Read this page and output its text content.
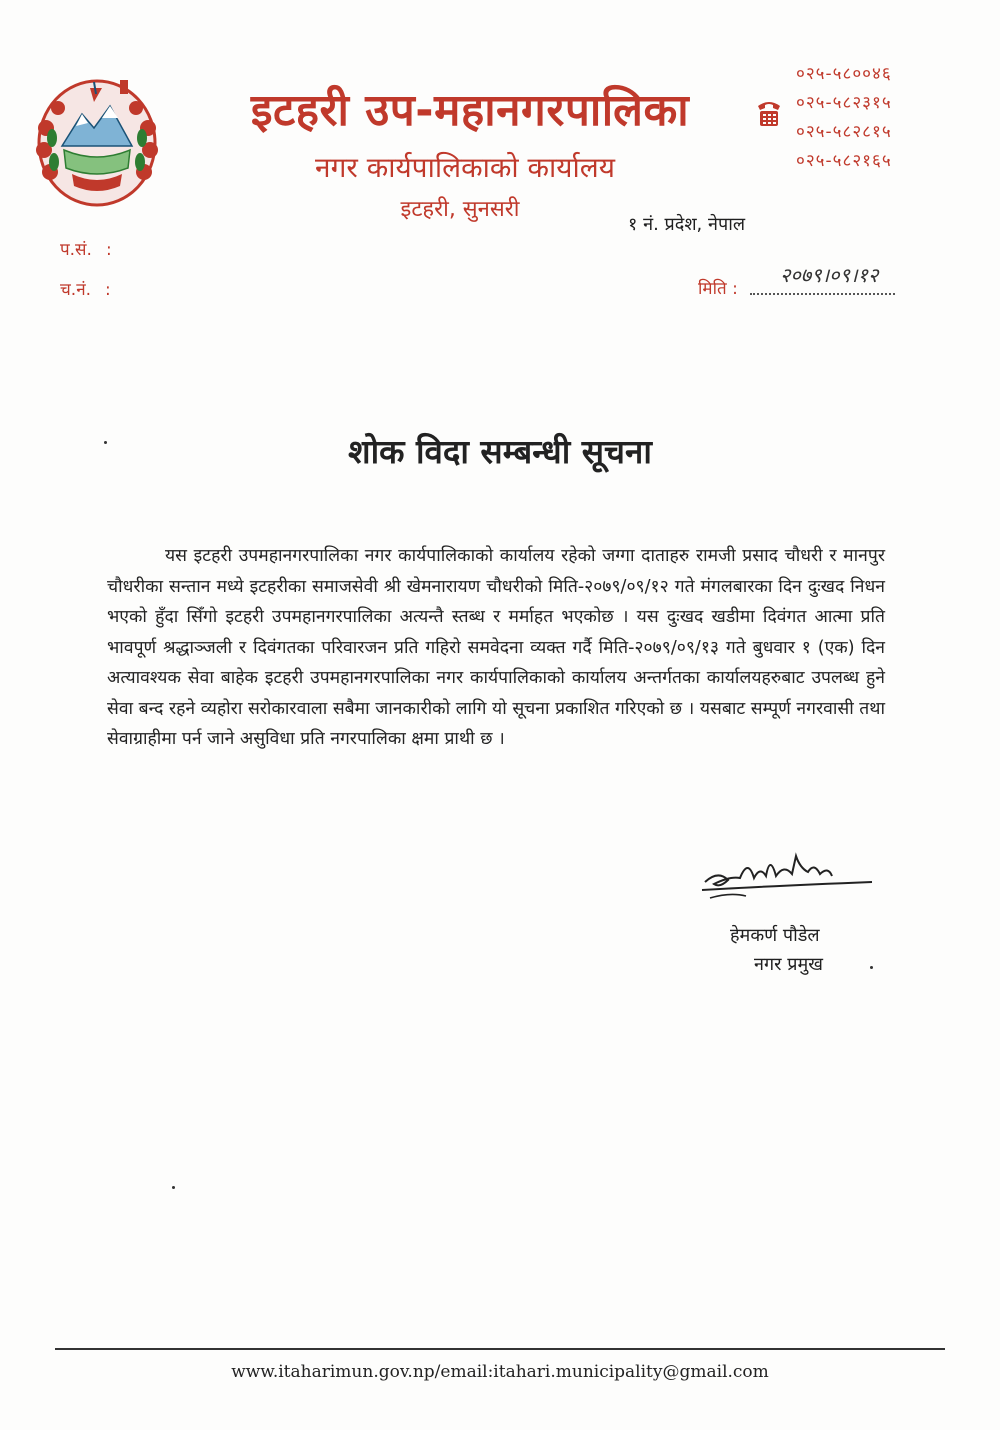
इटहरी उप-महानगरपालिका
नगर कार्यपालिकाको कार्यालय
इटहरी, सुनसरी
१ नं. प्रदेश, नेपाल
०२५-५८००४६
०२५-५८२३१५
०२५-५८२८१५
०२५-५८२१६५
प.सं. :
च.नं. :	मिति :
२०७९।०९।१२
शोक विदा सम्बन्धी सूचना
यस इटहरी उपमहानगरपालिका नगर कार्यपालिकाको कार्यालय रहेको जग्गा दाताहरु रामजी प्रसाद चौधरी र मानपुर चौधरीका सन्तान मध्ये इटहरीका समाजसेवी श्री खेमनारायण चौधरीको मिति-२०७९/०९/१२ गते मंगलबारका दिन दुःखद निधन भएको हुँदा सिँगो इटहरी उपमहानगरपालिका अत्यन्तै स्तब्ध र मर्माहत भएकोछ । यस दुःखद खडीमा दिवंगत आत्मा प्रति भावपूर्ण श्रद्धाञ्जली र दिवंगतका परिवारजन प्रति गहिरो समवेदना व्यक्त गर्दै मिति-२०७९/०९/१३ गते बुधवार १ (एक) दिन अत्यावश्यक सेवा बाहेक इटहरी उपमहानगरपालिका नगर कार्यपालिकाको कार्यालय अन्तर्गतका कार्यालयहरुबाट उपलब्ध हुने सेवा बन्द रहने व्यहोरा सरोकारवाला सबैमा जानकारीको लागि यो सूचना प्रकाशित गरिएको छ । यसबाट सम्पूर्ण नगरवासी तथा सेवाग्राहीमा पर्न जाने असुविधा प्रति नगरपालिका क्षमा प्राथी छ ।
हेमकर्ण पौडेल
नगर प्रमुख
www.itaharimun.gov.np/email:itahari.municipality@gmail.com
